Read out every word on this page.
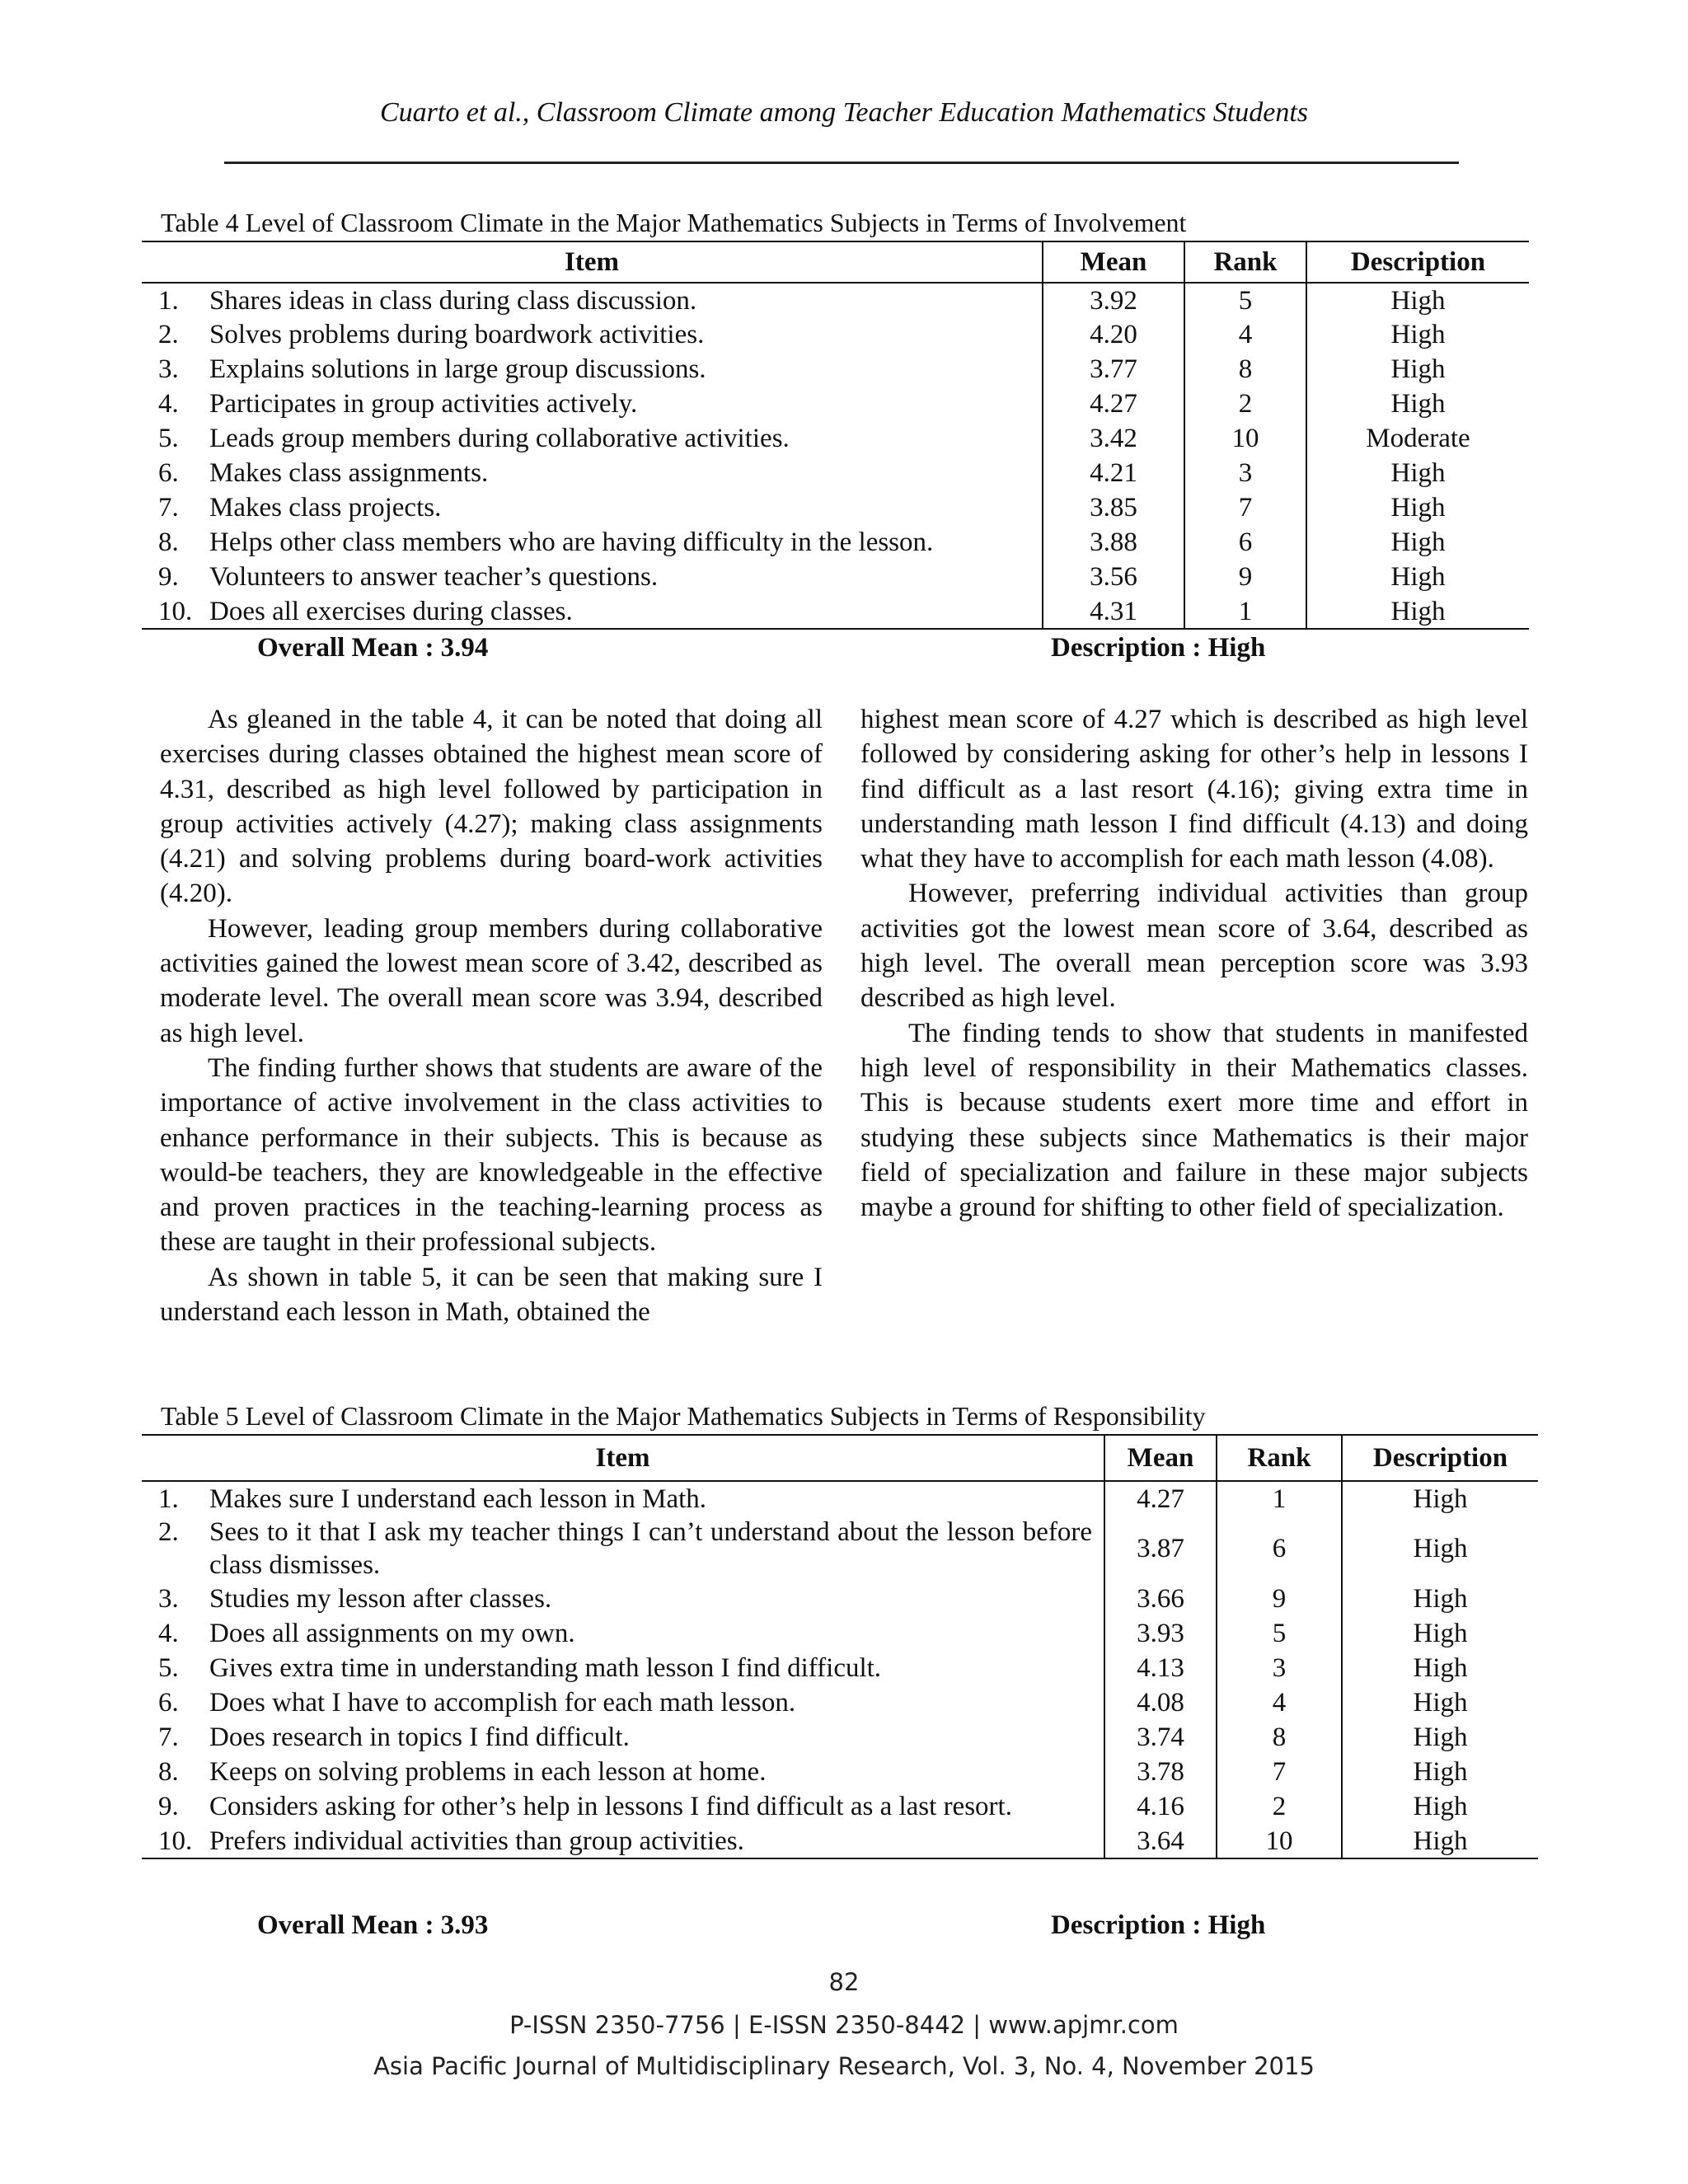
Cuarto et al., Classroom Climate among Teacher Education Mathematics Students
Table 4 Level of Classroom Climate in the Major Mathematics Subjects in Terms of Involvement
Item	Mean	Rank	Description

1. Shares ideas in class during class discussion.	3.92	5	High

2. Solves problems during boardwork activities.	4.20	4	High

3. Explains solutions in large group discussions.	3.77	8	High

4. Participates in group activities actively.	4.27	2	High

5. Leads group members during collaborative activities.	3.42	10	Moderate

6. Makes class assignments.	4.21	3	High

7. Makes class projects.	3.85	7	High

8. Helps other class members who are having difficulty in the lesson.	3.88	6	High

9. Volunteers to answer teacher’s questions.	3.56	9	High

10. Does all exercises during classes.	4.31	1	High
Overall Mean : 3.94	Description : High

As gleaned in the table 4, it can be noted that doing all exercises during classes obtained the highest mean score of 4.31, described as high level followed by participation in group activities actively (4.27); making class assignments (4.21) and solving problems during board-work activities (4.20).

However, leading group members during collaborative activities gained the lowest mean score of 3.42, described as moderate level. The overall mean score was 3.94, described as high level.

The finding further shows that students are aware of the importance of active involvement in the class activities to enhance performance in their subjects. This is because as would-be teachers, they are knowledgeable in the effective and proven practices in the teaching-learning process as these are taught in their professional subjects.

As shown in table 5, it can be seen that making sure I understand each lesson in Math, obtained the

highest mean score of 4.27 which is described as high level followed by considering asking for other’s help in lessons I find difficult as a last resort (4.16); giving extra time in understanding math lesson I find difficult (4.13) and doing what they have to accomplish for each math lesson (4.08).

However, preferring individual activities than group activities got the lowest mean score of 3.64, described as high level. The overall mean perception score was 3.93 described as high level.

The finding tends to show that students in manifested high level of responsibility in their Mathematics classes. This is because students exert more time and effort in studying these subjects since Mathematics is their major field of specialization and failure in these major subjects maybe a ground for shifting to other field of specialization.

Table 5 Level of Classroom Climate in the Major Mathematics Subjects in Terms of Responsibility
Item	Mean	Rank	Description

1. Makes sure I understand each lesson in Math.	4.27	1	High

2. Sees to it that I ask my teacher things I can’t understand about the lesson before class dismisses.	3.87	6	High

3. Studies my lesson after classes.	3.66	9	High

4. Does all assignments on my own.	3.93	5	High

5. Gives extra time in understanding math lesson I find difficult.	4.13	3	High

6. Does what I have to accomplish for each math lesson.	4.08	4	High

7. Does research in topics I find difficult.	3.74	8	High

8. Keeps on solving problems in each lesson at home.	3.78	7	High

9. Considers asking for other’s help in lessons I find difficult as a last resort.	4.16	2	High

10. Prefers individual activities than group activities.	3.64	10	High
Overall Mean : 3.93	Description : High
82
P-ISSN 2350-7756 | E-ISSN 2350-8442 | www.apjmr.com
Asia Pacific Journal of Multidisciplinary Research, Vol. 3, No. 4, November 2015
